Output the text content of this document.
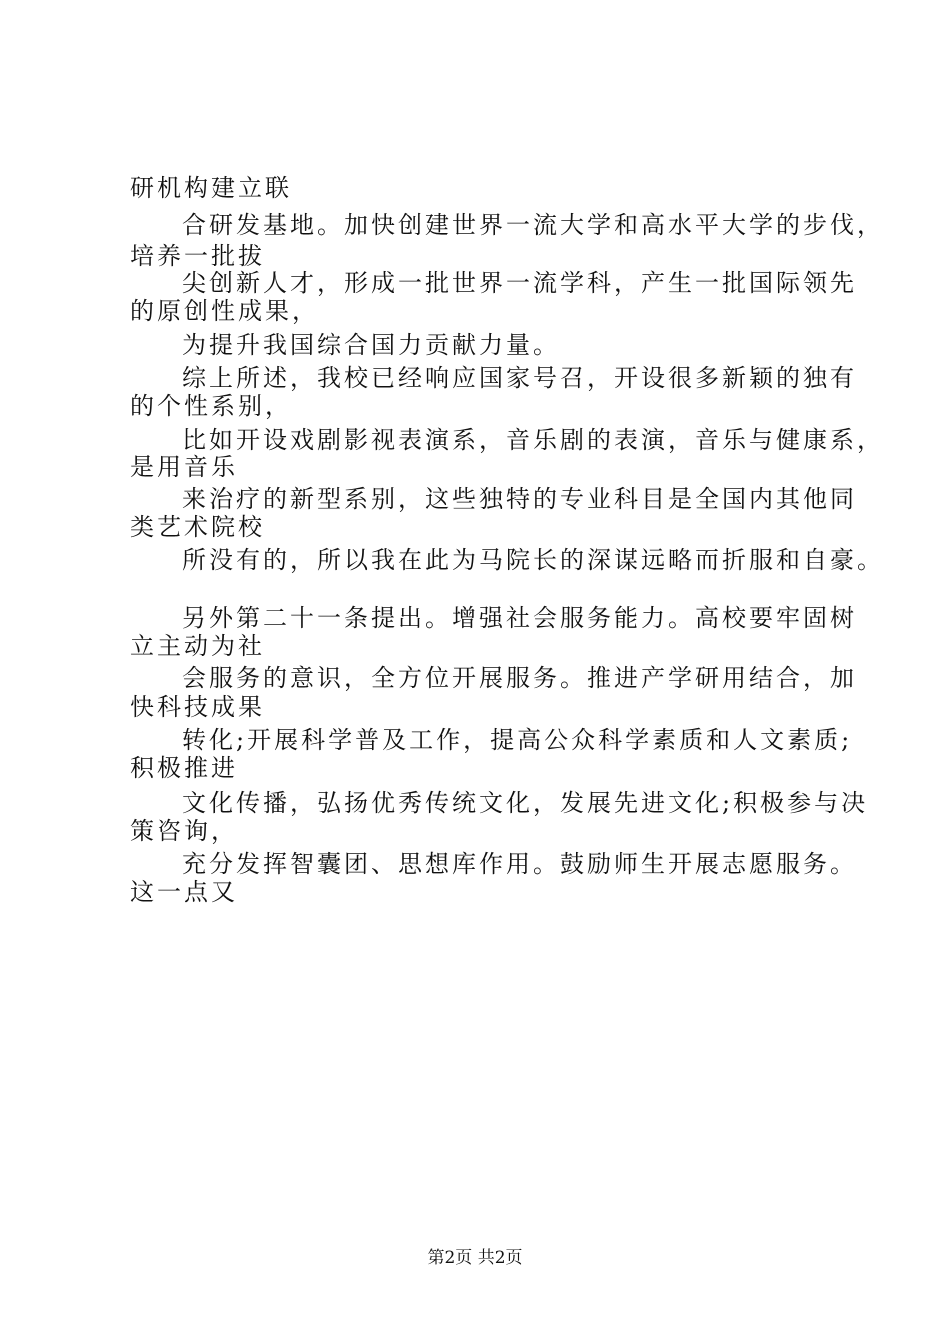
研机构建立联
合研发基地。加快创建世界一流大学和高水平大学的步伐，
培养一批拔
尖创新人才，形成一批世界一流学科，产生一批国际领先
的原创性成果，
为提升我国综合国力贡献力量。
综上所述，我校已经响应国家号召，开设很多新颖的独有
的个性系别，
比如开设戏剧影视表演系，音乐剧的表演，音乐与健康系，
是用音乐
来治疗的新型系别，这些独特的专业科目是全国内其他同
类艺术院校
所没有的，所以我在此为马院长的深谋远略而折服和自豪。
另外第二十一条提出。增强社会服务能力。高校要牢固树
立主动为社
会服务的意识，全方位开展服务。推进产学研用结合，加
快科技成果
转化;开展科学普及工作，提高公众科学素质和人文素质;
积极推进
文化传播，弘扬优秀传统文化，发展先进文化;积极参与决
策咨询，
充分发挥智囊团、思想库作用。鼓励师生开展志愿服务。
这一点又
第2页 共2页
